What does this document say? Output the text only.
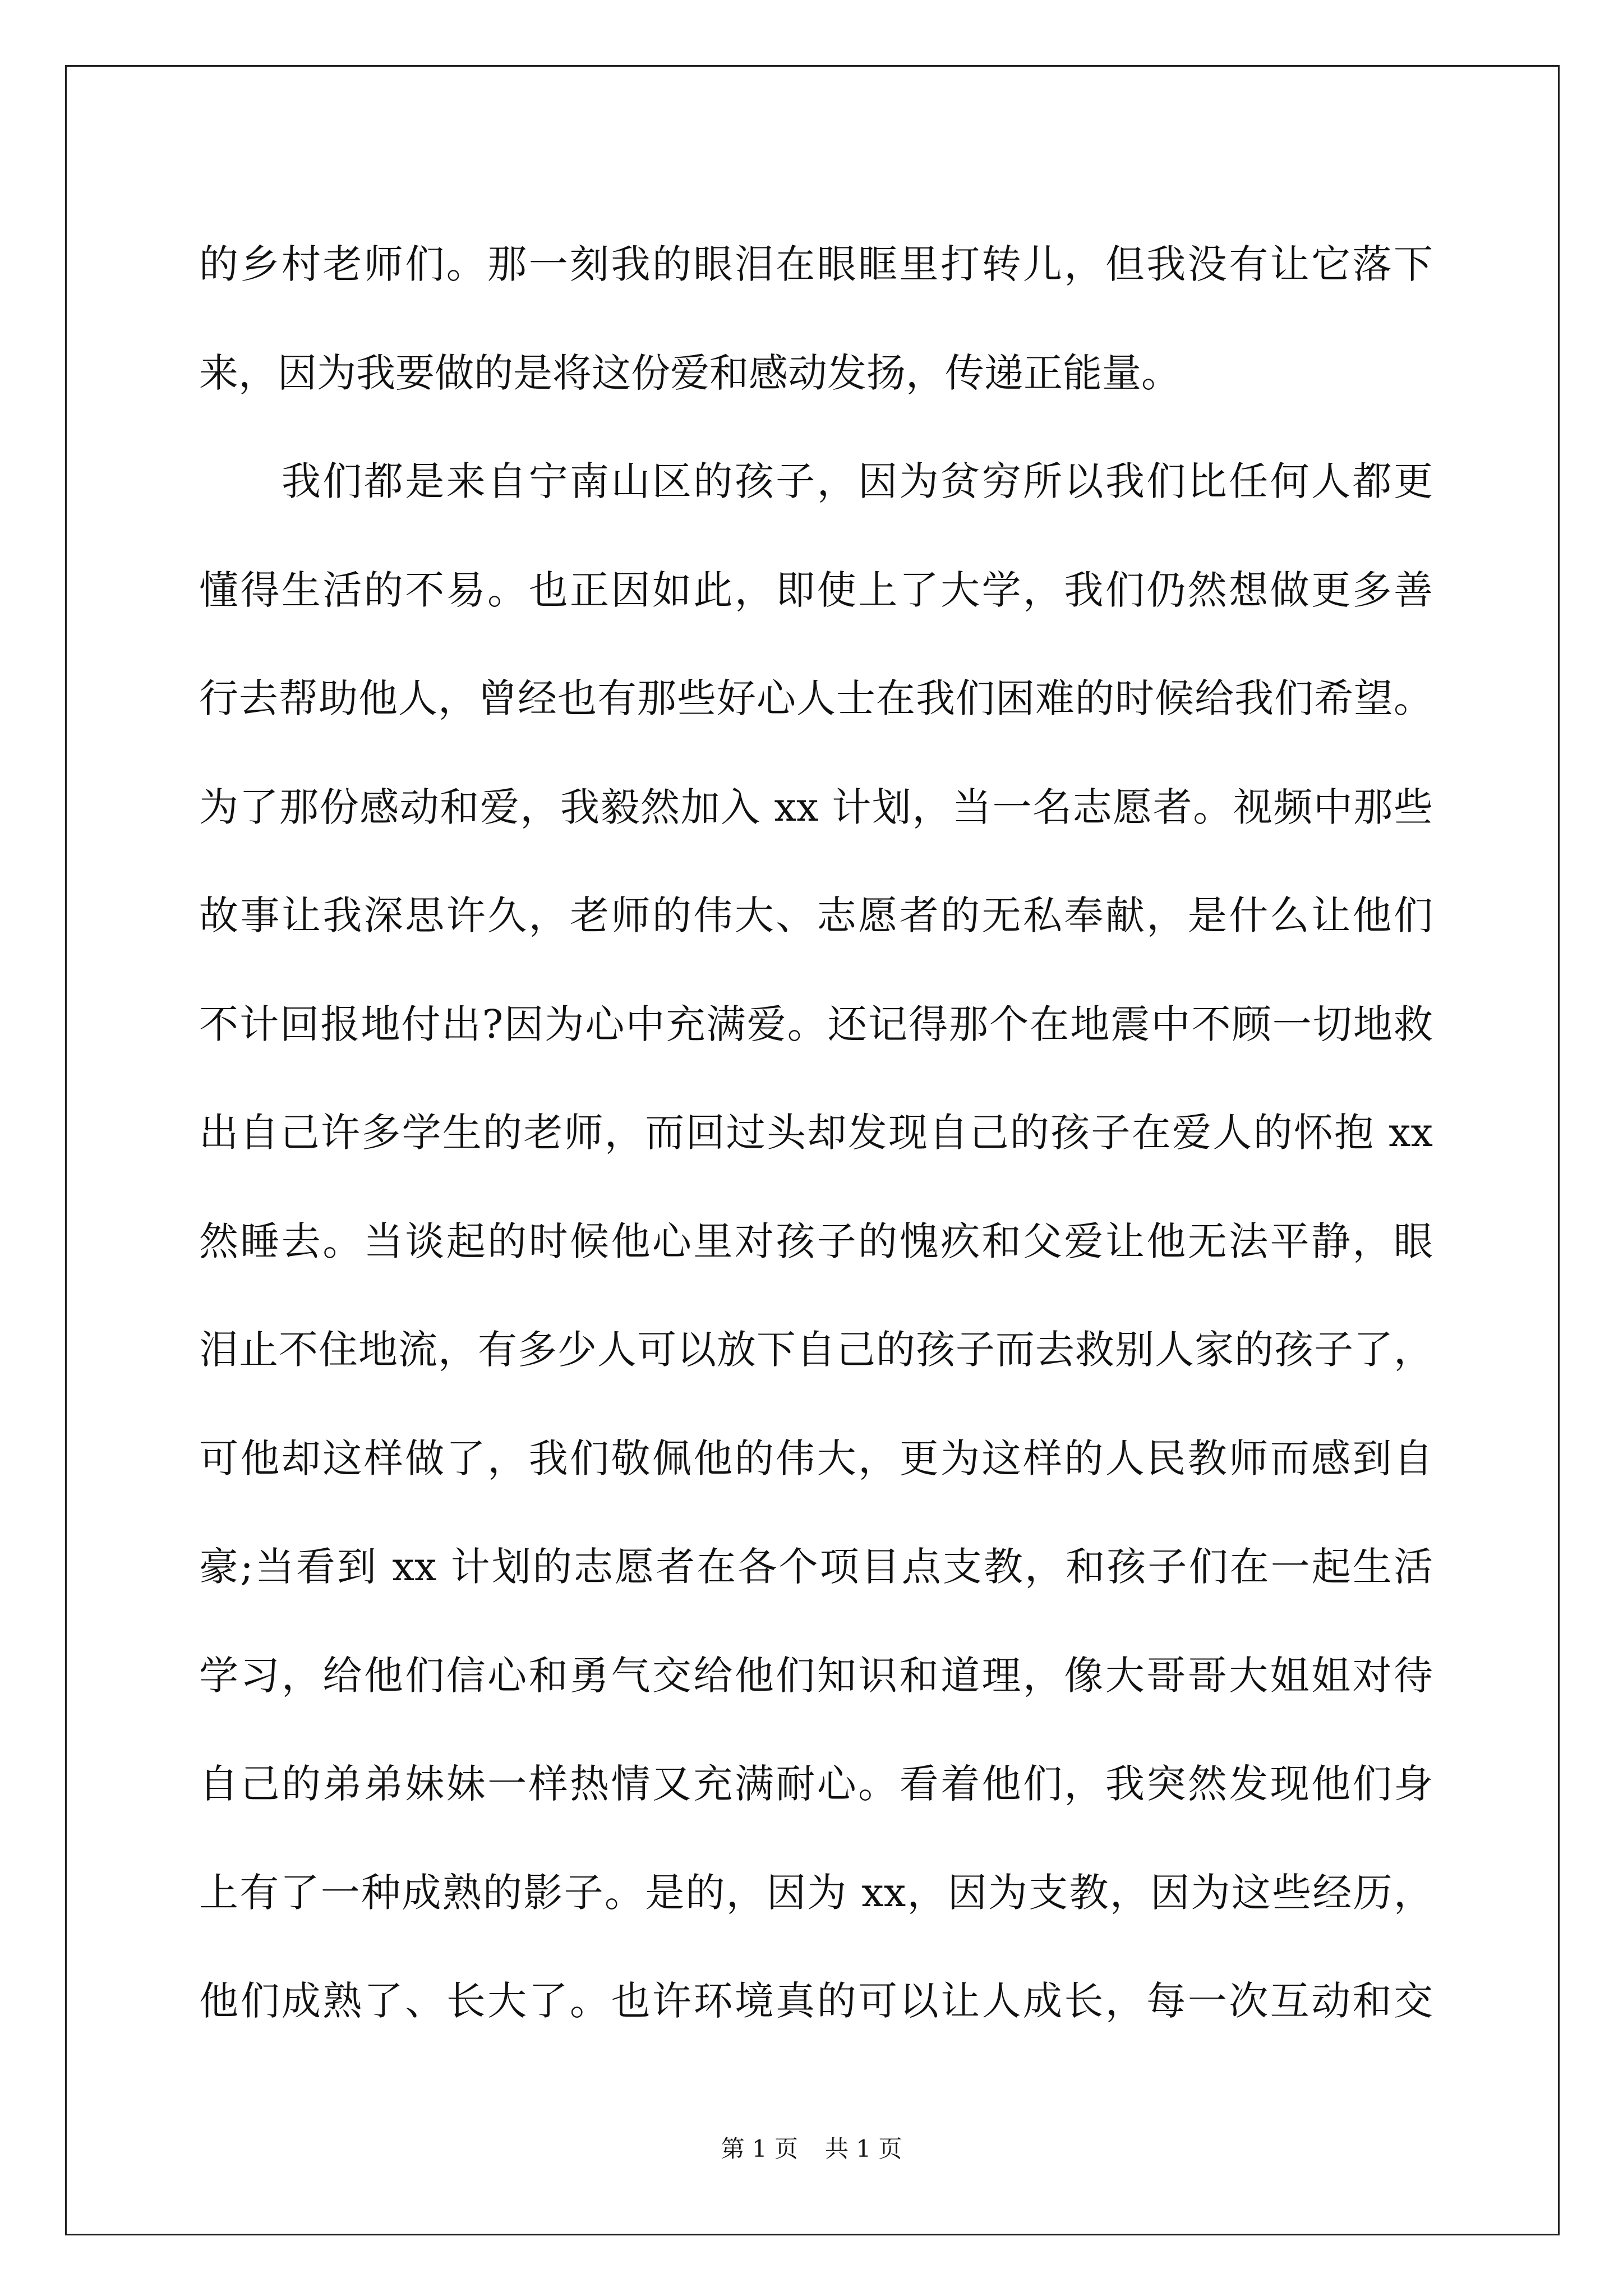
的乡村老师们。那一刻我的眼泪在眼眶里打转儿，但我没有让它落下
来，因为我要做的是将这份爱和感动发扬，传递正能量。
　　我们都是来自宁南山区的孩子，因为贫穷所以我们比任何人都更
懂得生活的不易。也正因如此，即使上了大学，我们仍然想做更多善
行去帮助他人，曾经也有那些好心人士在我们困难的时候给我们希望。
为了那份感动和爱，我毅然加入 xx 计划，当一名志愿者。视频中那些
故事让我深思许久，老师的伟大、志愿者的无私奉献，是什么让他们
不计回报地付出?因为心中充满爱。还记得那个在地震中不顾一切地救
出自己许多学生的老师，而回过头却发现自己的孩子在爱人的怀抱 xx
然睡去。当谈起的时候他心里对孩子的愧疚和父爱让他无法平静，眼
泪止不住地流，有多少人可以放下自己的孩子而去救别人家的孩子了，
可他却这样做了，我们敬佩他的伟大，更为这样的人民教师而感到自
豪;当看到 xx 计划的志愿者在各个项目点支教，和孩子们在一起生活
学习，给他们信心和勇气交给他们知识和道理，像大哥哥大姐姐对待
自己的弟弟妹妹一样热情又充满耐心。看着他们，我突然发现他们身
上有了一种成熟的影子。是的，因为 xx，因为支教，因为这些经历，
他们成熟了、长大了。也许环境真的可以让人成长，每一次互动和交
第 1 页 共 1 页
